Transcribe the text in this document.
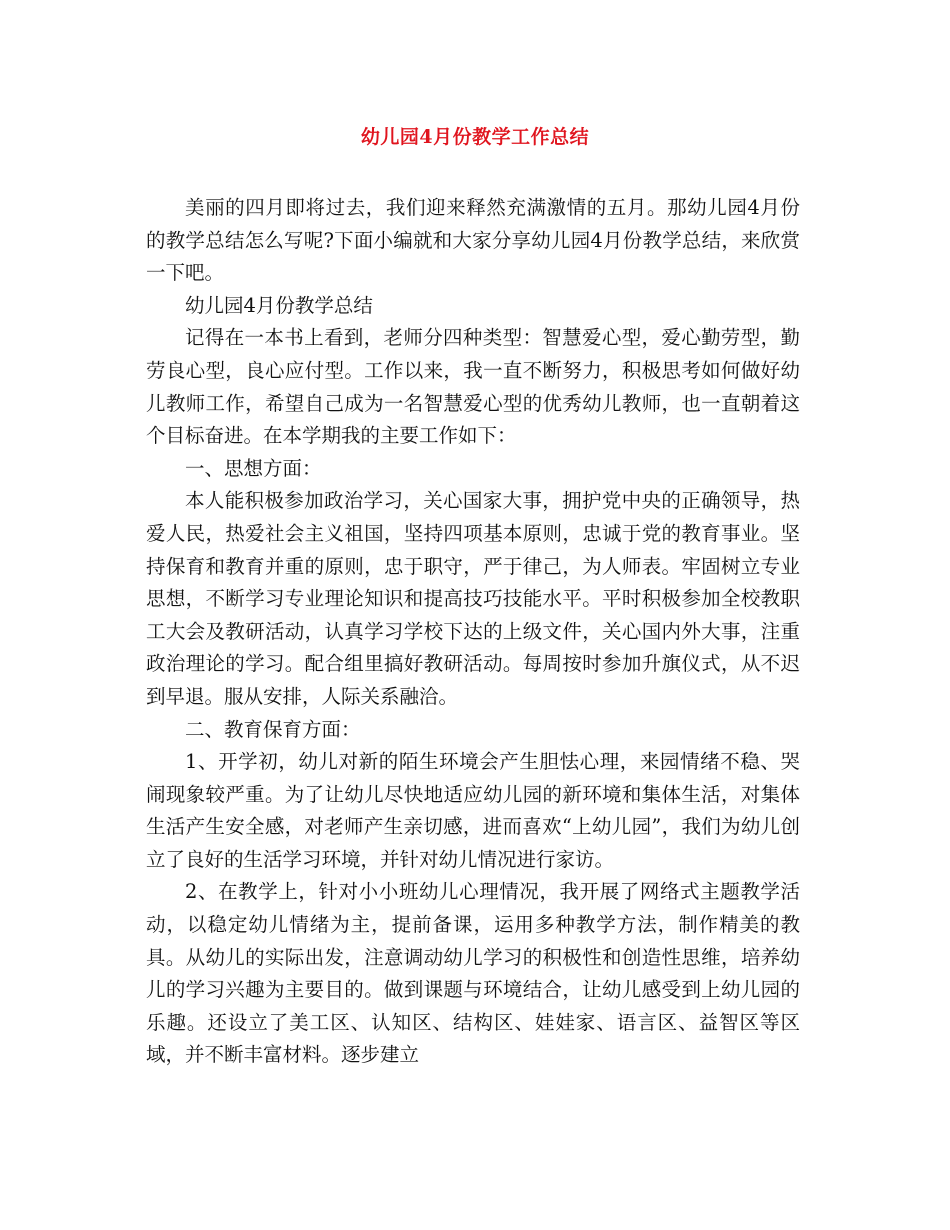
幼儿园4月份教学工作总结

美丽的四月即将过去，我们迎来释然充满激情的五月。那幼儿园4月份的教学总结怎么写呢?下面小编就和大家分享幼儿园4月份教学总结，来欣赏一下吧。

幼儿园4月份教学总结

记得在一本书上看到，老师分四种类型：智慧爱心型，爱心勤劳型，勤劳良心型，良心应付型。工作以来，我一直不断努力，积极思考如何做好幼儿教师工作，希望自己成为一名智慧爱心型的优秀幼儿教师，也一直朝着这个目标奋进。在本学期我的主要工作如下：

一、思想方面：

本人能积极参加政治学习，关心国家大事，拥护党中央的正确领导，热爱人民，热爱社会主义祖国，坚持四项基本原则，忠诚于党的教育事业。坚持保育和教育并重的原则，忠于职守，严于律己，为人师表。牢固树立专业思想，不断学习专业理论知识和提高技巧技能水平。平时积极参加全校教职工大会及教研活动，认真学习学校下达的上级文件，关心国内外大事，注重政治理论的学习。配合组里搞好教研活动。每周按时参加升旗仪式，从不迟到早退。服从安排，人际关系融洽。

二、教育保育方面：

1、开学初，幼儿对新的陌生环境会产生胆怯心理，来园情绪不稳、哭闹现象较严重。为了让幼儿尽快地适应幼儿园的新环境和集体生活，对集体生活产生安全感，对老师产生亲切感，进而喜欢“上幼儿园”，我们为幼儿创立了良好的生活学习环境，并针对幼儿情况进行家访。

2、在教学上，针对小小班幼儿心理情况，我开展了网络式主题教学活动，以稳定幼儿情绪为主，提前备课，运用多种教学方法，制作精美的教具。从幼儿的实际出发，注意调动幼儿学习的积极性和创造性思维，培养幼儿的学习兴趣为主要目的。做到课题与环境结合，让幼儿感受到上幼儿园的乐趣。还设立了美工区、认知区、结构区、娃娃家、语言区、益智区等区域，并不断丰富材料。逐步建立
